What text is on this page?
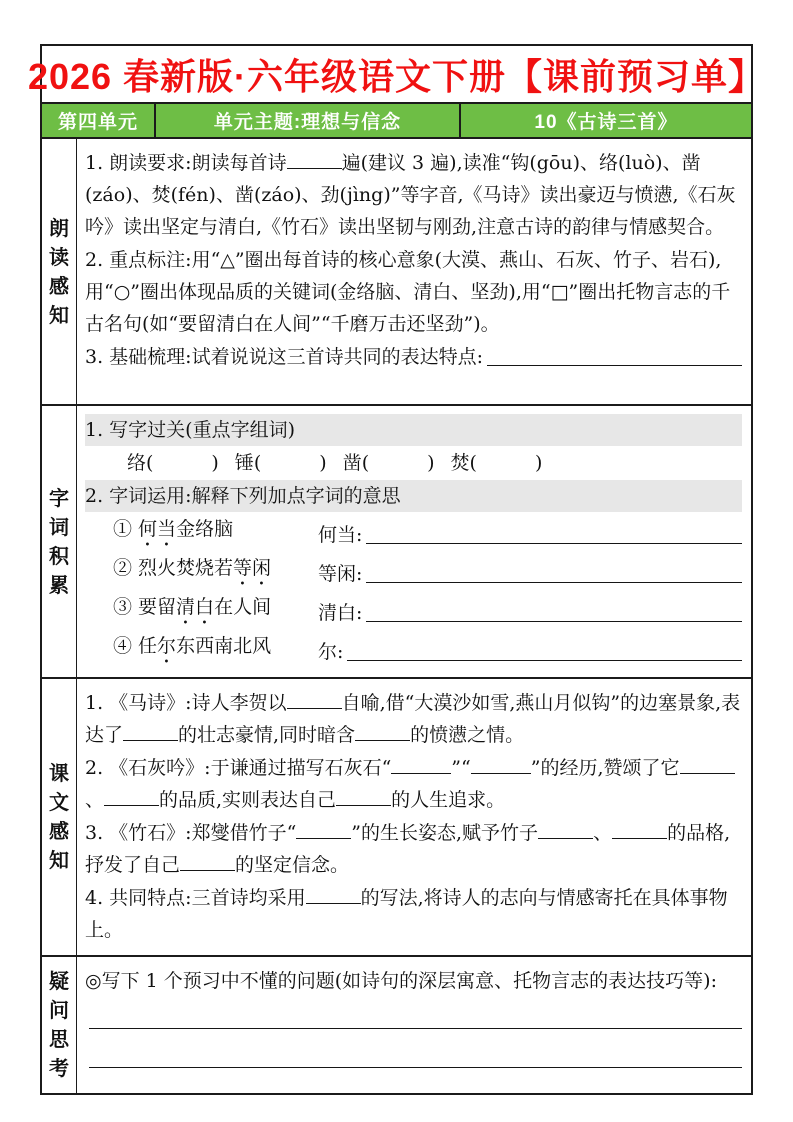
2026 春新版·六年级语文下册【课前预习单】
第四单元	单元主题:理想与信念	10《古诗三首》
朗读感知
1. 朗读要求:朗读每首诗	遍(建议 3 遍),读准“钩(gōu)、络(luò)、凿(záo)、焚(fén)、凿(záo)、劲(jìng)”等字音,《马诗》读出豪迈与愤懑,《石灰吟》读出坚定与清白,《竹石》读出坚韧与刚劲,注意古诗的韵律与情感契合。
2. 重点标注:用“△”圈出每首诗的核心意象(大漠、燕山、石灰、竹子、岩石),用“○”圈出体现品质的关键词(金络脑、清白、坚劲),用“□”圈出托物言志的千古名句(如“要留清白在人间”“千磨万击还坚劲”)。
3. 基础梳理:试着说说这三首诗共同的表达特点:
字词积累
1. 写字过关(重点字组词)
络(	) 锤(	) 凿(	) 焚(	)
2. 字词运用:解释下列加点字词的意思
① 何当金络脑	何当:
② 烈火焚烧若等闲	等闲:
③ 要留清白在人间	清白:
④ 任尔东西南北风	尔:
课文感知
1. 《马诗》:诗人李贺以	自喻,借“大漠沙如雪,燕山月似钩”的边塞景象,表达了	的壮志豪情,同时暗含	的愤懑之情。
2. 《石灰吟》:于谦通过描写石灰石“	”“	”的经历,赞颂了它、	的品质,实则表达自己	的人生追求。
3. 《竹石》:郑燮借竹子“	”的生长姿态,赋予竹子	、	的品格,抒发了自己	的坚定信念。
4. 共同特点:三首诗均采用	的写法,将诗人的志向与情感寄托在具体事物上。
疑问思考
◎写下 1 个预习中不懂的问题(如诗句的深层寓意、托物言志的表达技巧等):
